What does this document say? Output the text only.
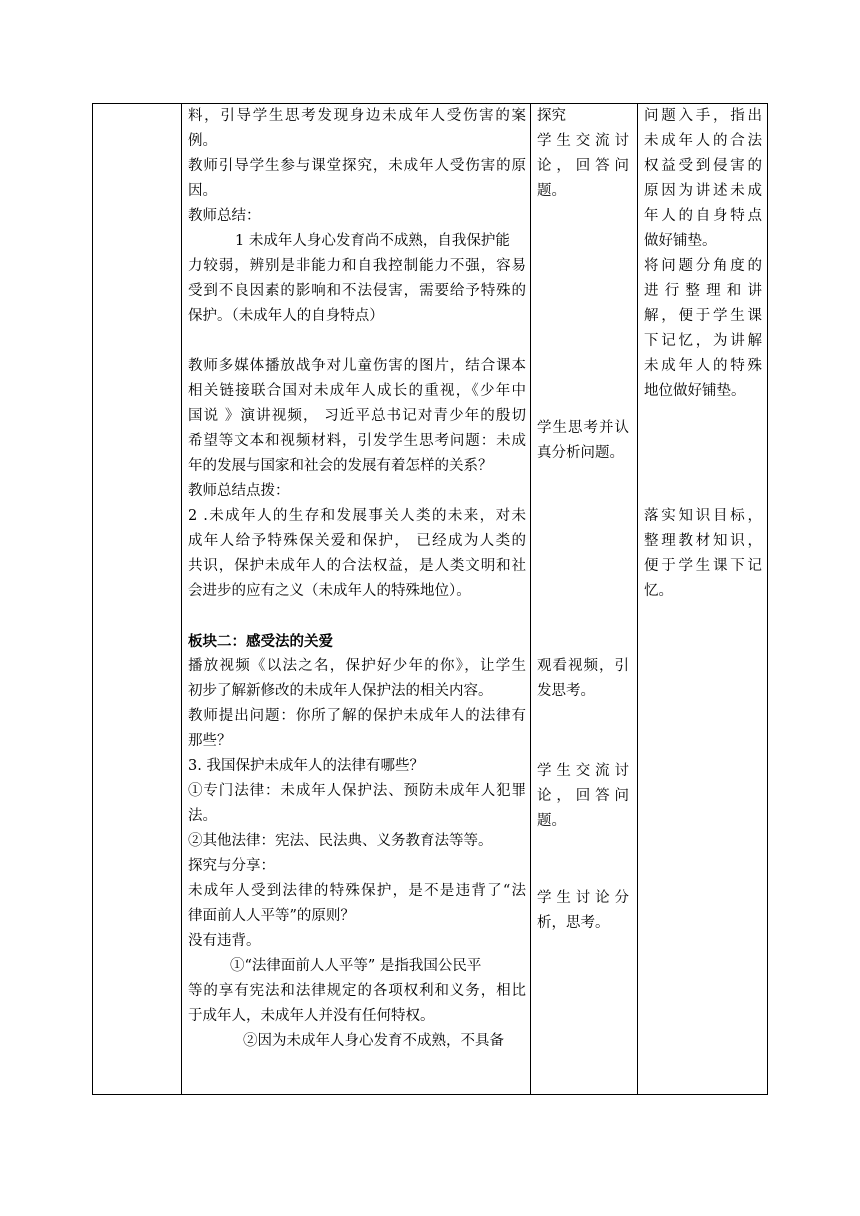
料，引导学生思考发现身边未成年人受伤害的案

例。

教师引导学生参与课堂探究，未成年人受伤害的原

因。

教师总结：

1 未成年人身心发育尚不成熟，自我保护能

力较弱，辨别是非能力和自我控制能力不强，容易

受到不良因素的影响和不法侵害，需要给予特殊的

保护。（未成年人的自身特点）

教师多媒体播放战争对儿童伤害的图片，结合课本

相关链接联合国对未成年人成长的重视，《少年中

国说 》演讲视频， 习近平总书记对青少年的殷切

希望等文本和视频材料，引发学生思考问题：未成

年的发展与国家和社会的发展有着怎样的关系？

教师总结点拨：

2 .未成年人的生存和发展事关人类的未来，对未

成年人给予特殊保关爱和保护， 已经成为人类的

共识，保护未成年人的合法权益，是人类文明和社

会进步的应有之义（未成年人的特殊地位）。

板块二：感受法的关爱

播放视频《以法之名，保护好少年的你》，让学生

初步了解新修改的未成年人保护法的相关内容。

教师提出问题：你所了解的保护未成年人的法律有

那些？

3. 我国保护未成年人的法律有哪些？

①专门法律：未成年人保护法、预防未成年人犯罪

法。

②其他法律：宪法、民法典、义务教育法等等。

探究与分享：

未成年人受到法律的特殊保护，是不是违背了“法

律面前人人平等”的原则？

没有违背。

①“法律面前人人平等” 是指我国公民平

等的享有宪法和法律规定的各项权利和义务，相比

于成年人，未成年人并没有任何特权。

②因为未成年人身心发育不成熟，不具备

探究

学生交流讨

论，回答问题。

学生思考并认

真分析问题。

观看视频，引

发思考。

学生交流讨

论，回答问题。

学生讨论分

析，思考。

问题入手，指出

未成年人的合法

权益受到侵害的

原因为讲述未成

年人的自身特点

做好铺垫。

将问题分角度的

进行整理和讲

解，便于学生课

下记忆，为讲解

未成年人的特殊

地位做好铺垫。

落实知识目标，

整理教材知识，

便于学生课下记

忆。
